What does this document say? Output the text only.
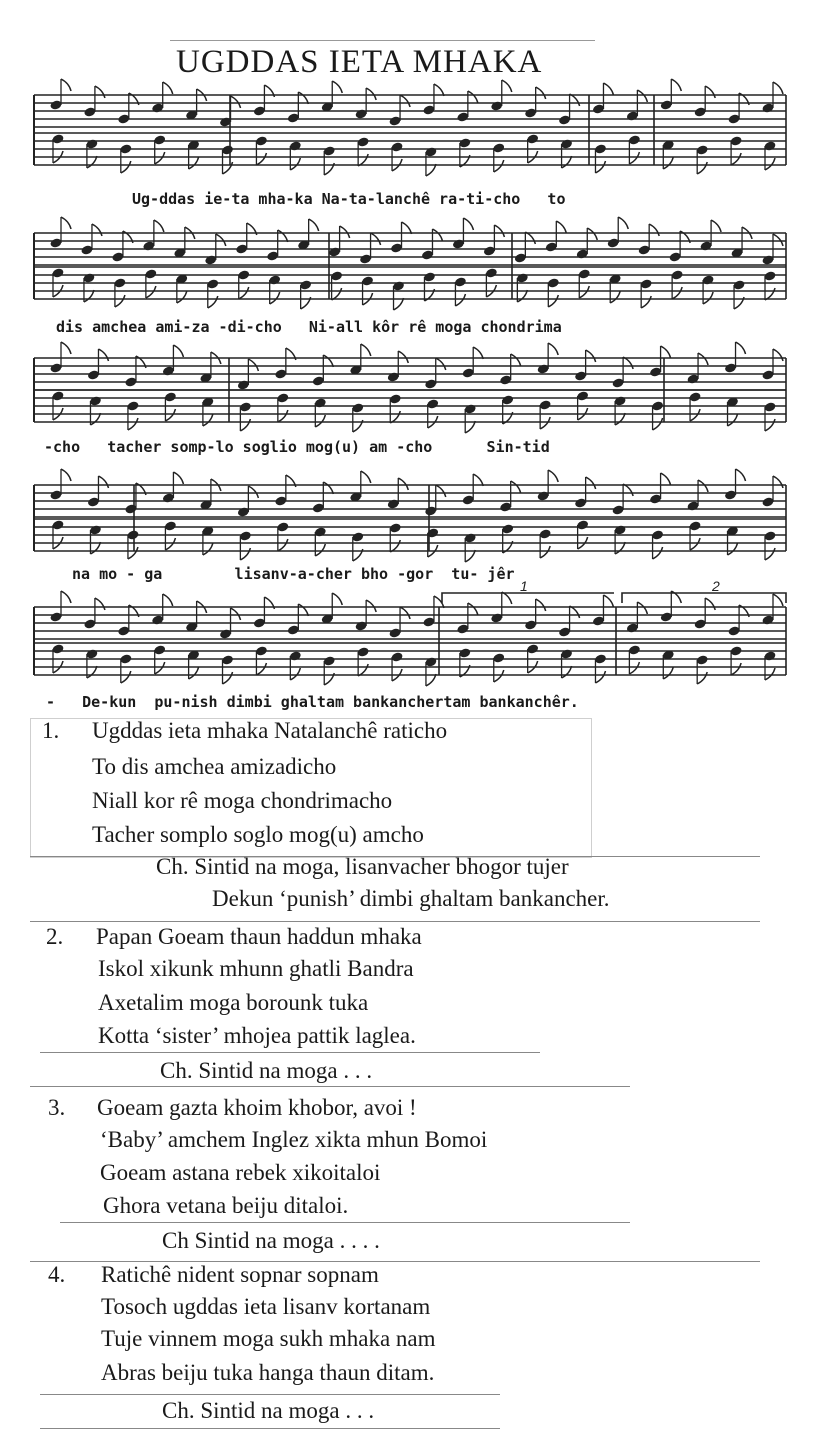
UGDDAS IETA MHAKA
Ug-ddas ie-ta mha-ka Na-ta-lanchê ra-ti-cho   to
dis amchea ami-za -di-cho   Ni-all kôr rê moga chondrima
-cho   tacher somp-lo soglio mog(u) am -cho      Sin-tid
na mo - ga        lisanv-a-cher bho -gor  tu- jêr
1	2
-   De-kun  pu-nish dimbi ghaltam bankanchertam bankanchêr.
1. Ugddas ieta mhaka Natalanchê raticho
To dis amchea amizadicho
Niall kor rê moga chondrimacho
Tacher somplo soglo mog(u) amcho
Ch. Sintid na moga, lisanvacher bhogor tujer
Dekun ‘punish’ dimbi ghaltam bankancher.
2. Papan Goeam thaun haddun mhaka
Iskol xikunk mhunn ghatli Bandra
Axetalim moga borounk tuka
Kotta ‘sister’ mhojea pattik laglea.
Ch. Sintid na moga . . .
3. Goeam gazta khoim khobor, avoi !
‘Baby’ amchem Inglez xikta mhun Bomoi
Goeam astana rebek xikoitaloi
Ghora vetana beiju ditaloi.
Ch Sintid na moga . . . .
4. Ratichê nident sopnar sopnam
Tosoch ugddas ieta lisanv kortanam
Tuje vinnem moga sukh mhaka nam
Abras beiju tuka hanga thaun ditam.
Ch. Sintid na moga . . .
